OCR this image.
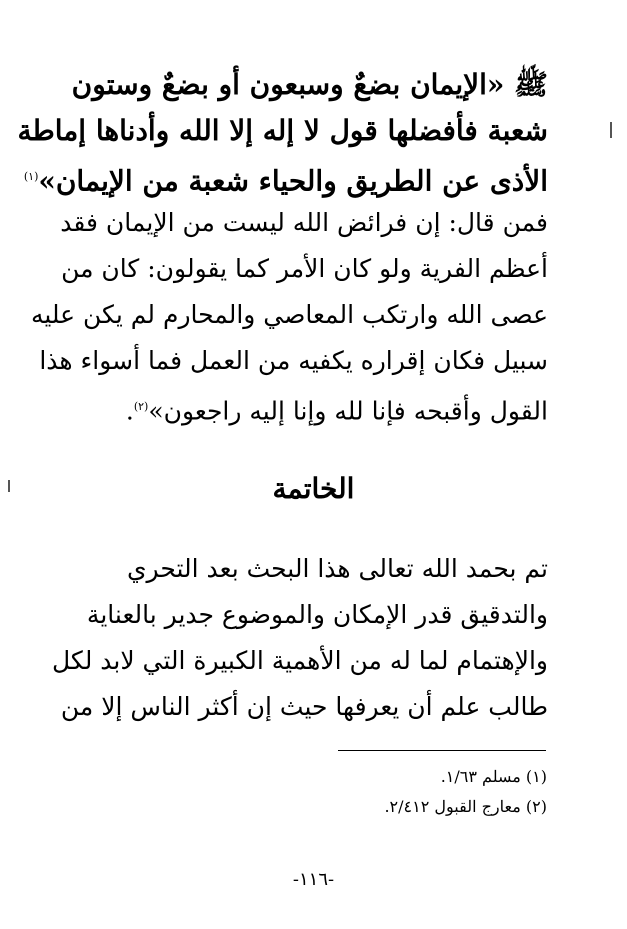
ﷺ «الإيمان بضعٌ وسبعون أو بضعٌ وستون
شعبة فأفضلها قول لا إله إلا الله وأدناها إماطة
الأذى عن الطريق والحياء شعبة من الإيمان»$^{(١)}$
فمن قال: إن فرائض الله ليست من الإيمان فقد
أعظم الفرية ولو كان الأمر كما يقولون: كان من
عصى الله وارتكب المعاصي والمحارم لم يكن عليه
سبيل فكان إقراره يكفيه من العمل فما أسواء هذا
القول وأقبحه فإنا لله وإنا إليه راجعون»$^{(٢)}$.
الخاتمة
تم بحمد الله تعالى هذا البحث بعد التحري
والتدقيق قدر الإمكان والموضوع جدير بالعناية
والإهتمام لما له من الأهمية الكبيرة التي لابد لكل
طالب علم أن يعرفها حيث إن أكثر الناس إلا من
(١) مسلم ١/٦٣.
(٢) معارج القبول ٢/٤١٢.
-١١٦-
